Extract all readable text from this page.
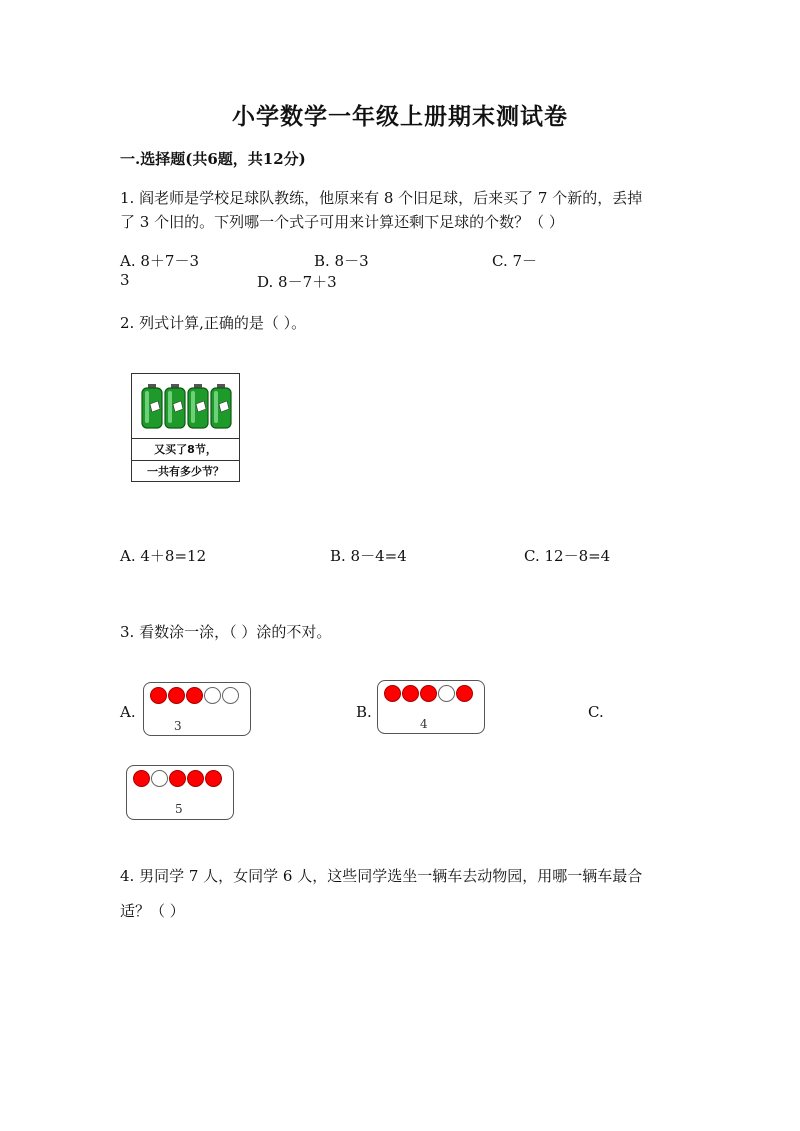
小学数学一年级上册期末测试卷
一.选择题(共6题，共12分)
1. 阎老师是学校足球队教练，他原来有 8 个旧足球，后来买了 7 个新的，丢掉
了 3 个旧的。下列哪一个式子可用来计算还剩下足球的个数？（ ）
A. 8＋7－3	B. 8－3	C. 7－
3	D. 8－7＋3
2. 列式计算,正确的是（ ）。
又买了8节，
一共有多少节？
A. 4＋8=12	B. 8－4=4	C. 12－8=4
3. 看数涂一涂，（ ）涂的不对。
A.
3
B.
4
C.
5
4. 男同学 7 人，女同学 6 人，这些同学选坐一辆车去动物园，用哪一辆车最合
适？（ ）
